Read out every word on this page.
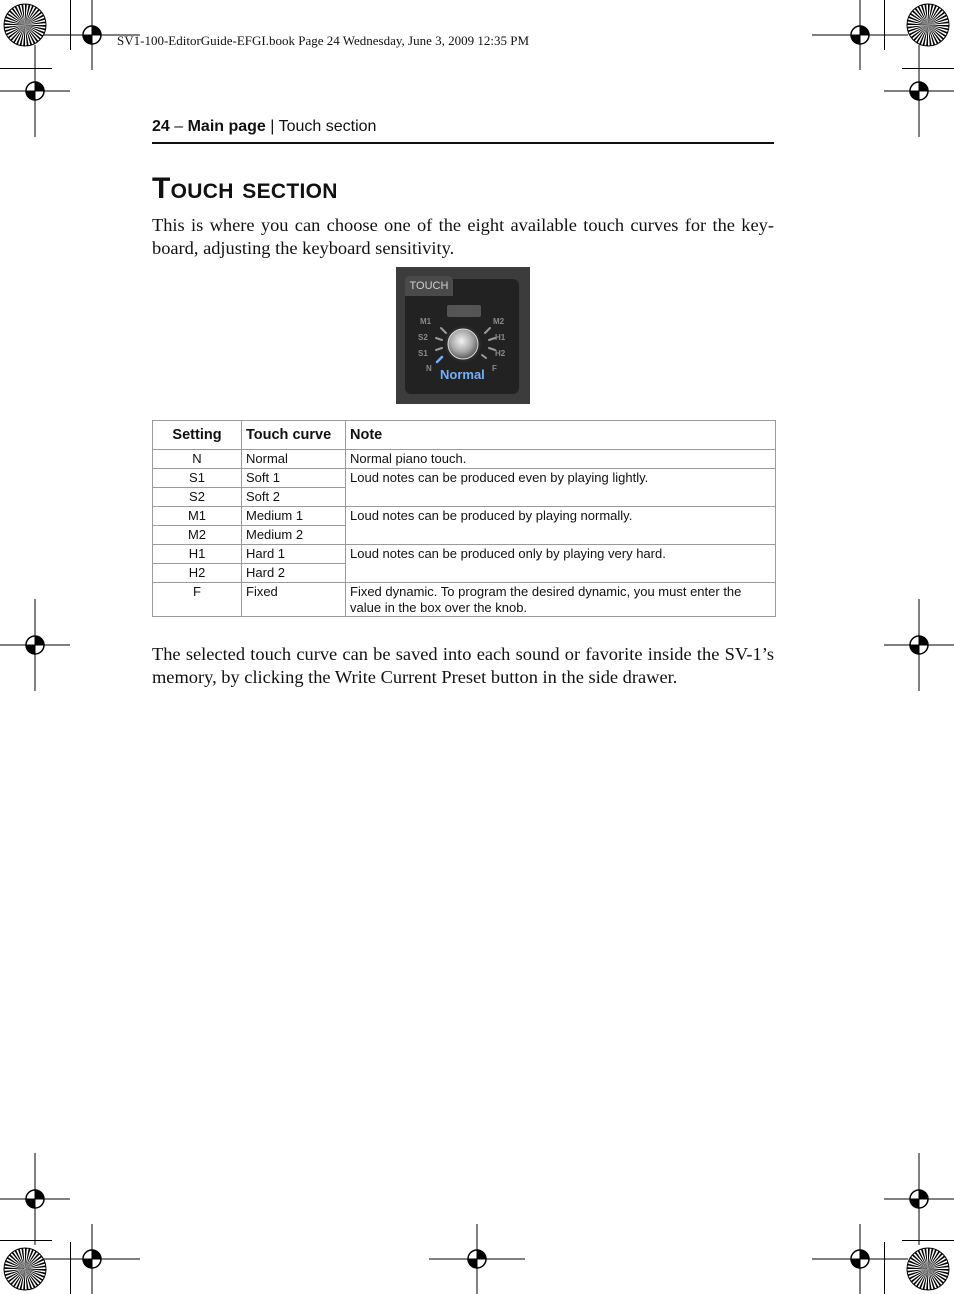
SV1-100-EditorGuide-EFGI.book Page 24 Wednesday, June 3, 2009 12:35 PM
24 – Main page | Touch section
Touch section

This is where you can choose one of the eight available touch curves for the key-board, adjusting the keyboard sensitivity.

TOUCH
M1
S2
S1
N
M2
H1
H2
F
Normal
Setting	Touch curve	Note
N	Normal	Normal piano touch.
S1	Soft 1	Loud notes can be produced even by playing lightly.
S2	Soft 2	
M1	Medium 1	Loud notes can be produced by playing normally.
M2	Medium 2	
H1	Hard 1	Loud notes can be produced only by playing very hard.
H2	Hard 2	
F	Fixed	Fixed dynamic. To program the desired dynamic, you must enter the value in the box over the knob.

The selected touch curve can be saved into each sound or favorite inside the SV-1’s memory, by clicking the Write Current Preset button in the side drawer.
